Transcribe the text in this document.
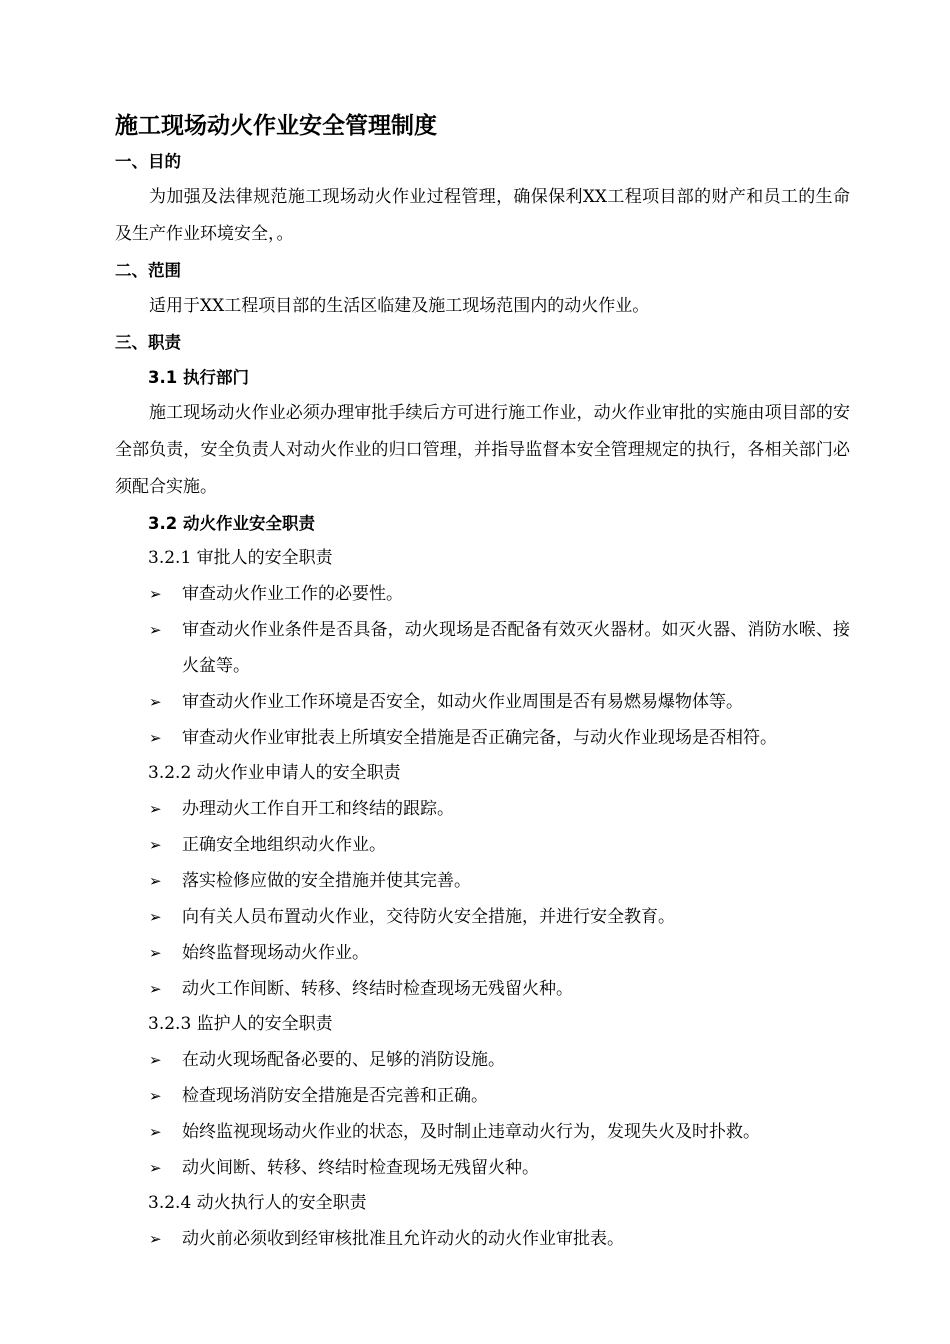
施工现场动火作业安全管理制度
一、目的

为加强及法律规范施工现场动火作业过程管理，确保保利XX工程项目部的财产和员工的生命及生产作业环境安全，。

二、范围

适用于XX工程项目部的生活区临建及施工现场范围内的动火作业。

三、职责
3.1 执行部门

施工现场动火作业必须办理审批手续后方可进行施工作业，动火作业审批的实施由项目部的安全部负责，安全负责人对动火作业的归口管理，并指导监督本安全管理规定的执行，各相关部门必须配合实施。

3.2 动火作业安全职责
3.2.1 审批人的安全职责
➢ 审查动火作业工作的必要性。
➢ 审查动火作业条件是否具备，动火现场是否配备有效灭火器材。如灭火器、消防水喉、接火盆等。
➢ 审查动火作业工作环境是否安全，如动火作业周围是否有易燃易爆物体等。
➢ 审查动火作业审批表上所填安全措施是否正确完备，与动火作业现场是否相符。
3.2.2 动火作业申请人的安全职责
➢ 办理动火工作自开工和终结的跟踪。
➢ 正确安全地组织动火作业。
➢ 落实检修应做的安全措施并使其完善。
➢ 向有关人员布置动火作业，交待防火安全措施，并进行安全教育。
➢ 始终监督现场动火作业。
➢ 动火工作间断、转移、终结时检查现场无残留火种。
3.2.3 监护人的安全职责
➢ 在动火现场配备必要的、足够的消防设施。
➢ 检查现场消防安全措施是否完善和正确。
➢ 始终监视现场动火作业的状态，及时制止违章动火行为，发现失火及时扑救。
➢ 动火间断、转移、终结时检查现场无残留火种。
3.2.4 动火执行人的安全职责
➢ 动火前必须收到经审核批准且允许动火的动火作业审批表。
